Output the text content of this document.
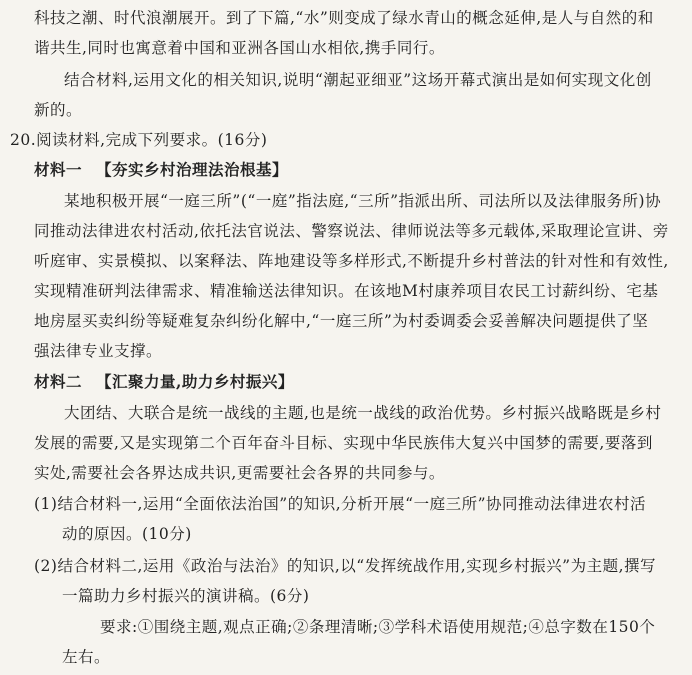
科技之潮、时代浪潮展开。到了下篇,“水”则变成了绿水青山的概念延伸,是人与自然的和
谐共生,同时也寓意着中国和亚洲各国山水相依,携手同行。
结合材料,运用文化的相关知识,说明“潮起亚细亚”这场开幕式演出是如何实现文化创
新的。
20.阅读材料,完成下列要求。(16分)
材料一 【夯实乡村治理法治根基】
某地积极开展“一庭三所”(“一庭”指法庭,“三所”指派出所、司法所以及法律服务所)协
同推动法律进农村活动,依托法官说法、警察说法、律师说法等多元载体,采取理论宣讲、旁
听庭审、实景模拟、以案释法、阵地建设等多样形式,不断提升乡村普法的针对性和有效性,
实现精准研判法律需求、精准输送法律知识。在该地M村康养项目农民工讨薪纠纷、宅基
地房屋买卖纠纷等疑难复杂纠纷化解中,“一庭三所”为村委调委会妥善解决问题提供了坚
强法律专业支撑。
材料二 【汇聚力量,助力乡村振兴】
大团结、大联合是统一战线的主题,也是统一战线的政治优势。乡村振兴战略既是乡村
发展的需要,又是实现第二个百年奋斗目标、实现中华民族伟大复兴中国梦的需要,要落到
实处,需要社会各界达成共识,更需要社会各界的共同参与。
(1)结合材料一,运用“全面依法治国”的知识,分析开展“一庭三所”协同推动法律进农村活
动的原因。(10分)
(2)结合材料二,运用《政治与法治》的知识,以“发挥统战作用,实现乡村振兴”为主题,撰写
一篇助力乡村振兴的演讲稿。(6分)
要求:①围绕主题,观点正确;②条理清晰;③学科术语使用规范;④总字数在150个
左右。
